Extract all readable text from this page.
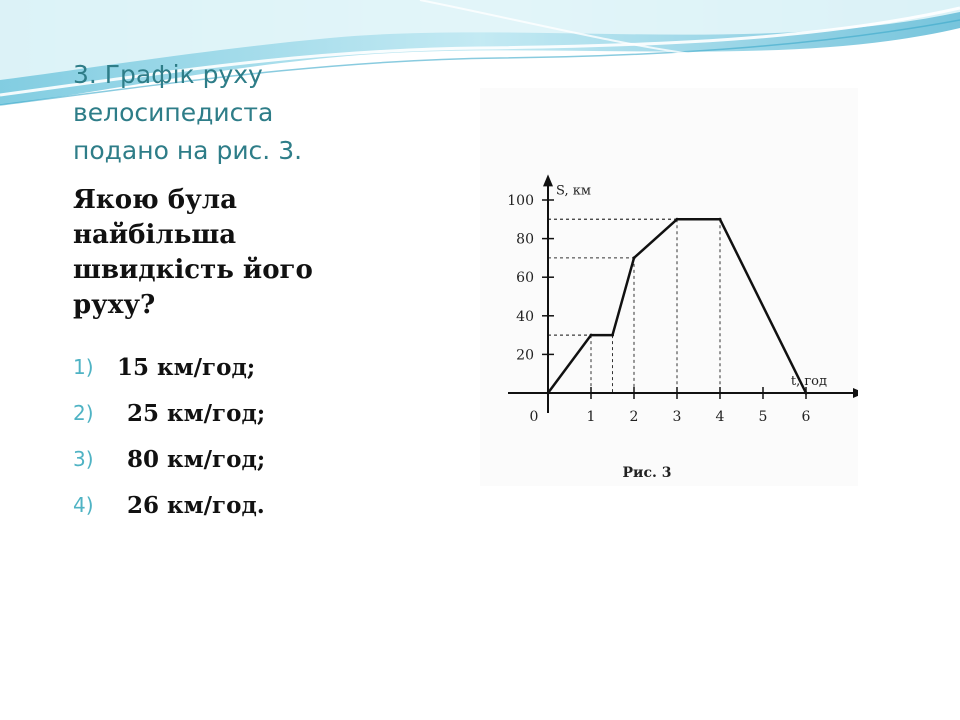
3. Графік руху
велосипедиста
подано на рис. 3.
Якою була
найбільша
швидкість його
руху?
1)	15 км/год;
2)	25 км/год;
3)	80 км/год;
4)	26 км/год.
20
40
60
80
100
0	1 2 3 4 5 6
S, км
t, год
Рис. 3
